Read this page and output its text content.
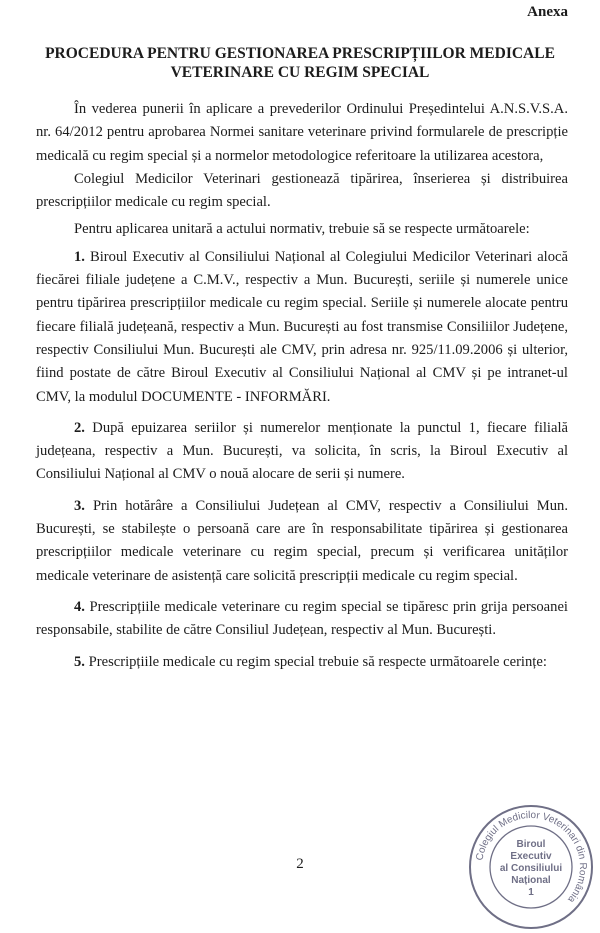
Anexa
PROCEDURA PENTRU GESTIONAREA PRESCRIPȚIILOR MEDICALE
VETERINARE CU REGIM SPECIAL

În vederea punerii în aplicare a prevederilor Ordinului Președintelui A.N.S.V.S.A. nr. 64/2012 pentru aprobarea Normei sanitare veterinare privind formularele de prescripție medicală cu regim special și a normelor metodologice referitoare la utilizarea acestora,

Colegiul Medicilor Veterinari gestionează tipărirea, înserierea și distribuirea prescripțiilor medicale cu regim special.

Pentru aplicarea unitară a actului normativ, trebuie să se respecte următoarele:

1. Biroul Executiv al Consiliului Național al Colegiului Medicilor Veterinari alocă fiecărei filiale județene a C.M.V., respectiv a Mun. București, seriile și numerele unice pentru tipărirea prescripțiilor medicale cu regim special. Seriile și numerele alocate pentru fiecare filială județeană, respectiv a Mun. București au fost transmise Consiliilor Județene, respectiv Consiliului Mun. București ale CMV, prin adresa nr. 925/11.09.2006 și ulterior, fiind postate de către Biroul Executiv al Consiliului Național al CMV și pe intranet-ul CMV, la modulul DOCUMENTE - INFORMĂRI.

2. După epuizarea seriilor și numerelor menționate la punctul 1, fiecare filială județeana, respectiv a Mun. București, va solicita, în scris, la Biroul Executiv al Consiliului Național al CMV o nouă alocare de serii și numere.

3. Prin hotărâre a Consiliului Județean al CMV, respectiv a Consiliului Mun. București, se stabilește o persoană care are în responsabilitate tipărirea și gestionarea prescripțiilor medicale veterinare cu regim special, precum și verificarea unităților medicale veterinare de asistență care solicită prescripții medicale cu regim special.

4. Prescripțiile medicale veterinare cu regim special se tipăresc prin grija persoanei responsabile, stabilite de către Consiliul Județean, respectiv al Mun. București.

5. Prescripțiile medicale cu regim special trebuie să respecte următoarele cerințe:

2	Colegiul Medicilor Veterinari din România
Biroul
Executiv
al Consiliului
Național
1
